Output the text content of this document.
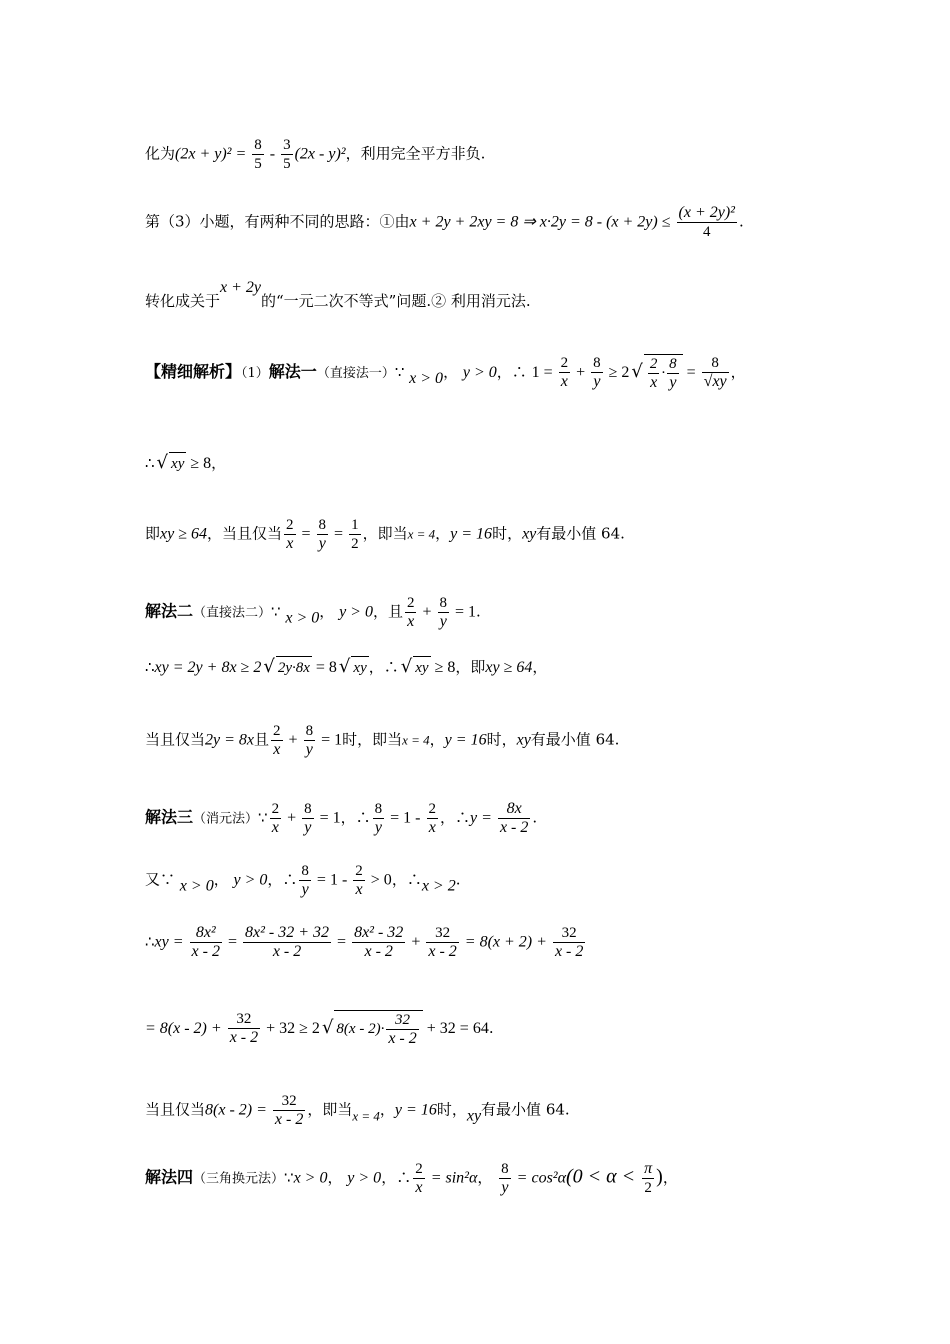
化为$(2x + y)^2 = \frac{8}{5} - \frac{3}{5} (2x - y)^2$，利用完全平方非负.
第（3）小题，有两种不同的思路：①由x + 2y + 2xy = 8 ⇒ $x\cdot 2y = 8 - (x + 2y) \le \frac{\text{(x + 2y)²}}{4}$ .
转化成关于x + 2y的“一元二次不等式”问题.② 利用消元法.
【精细解析】（1）解法一（直接法一）∵ x > 0， y > 0，∴ $1 = \frac{2}{x} + \frac{8}{y} \ge 2$ √ $\frac{2}{x} \cdot \frac{8}{y} = \frac{8}{√xy}$ ，
∴ √ xy ≥ 8，
即xy ≥ 64，当且仅当 $\frac{2}{x} = \frac{8}{y} = \frac{1}{2}$ ，即当x = 4，y = 16时，xy有最小值 64.
解法二（直接法二）∵ x > 0， y > 0，且 $\frac{2}{x} + \frac{8}{y} = 1$.
∴xy = 2y + 8x ≥ 2 √ 2y·8x = 8 √ xy ，∴ √ xy ≥ 8，即xy ≥ 64，
当且仅当2y = 8x且 $\frac{2}{x} + \frac{8}{y} = 1$时，即当x = 4，y = 16时，xy有最小值 64.
解法三（消元法）∵ $\frac{2}{x} + \frac{8}{y} = 1$，∴ $\frac{8}{y} = 1 - \frac{2}{x}$ ，∴y = $\frac{8x}{x - 2}$ .
又∵ x > 0， y > 0，∴ $\frac{8}{y} = 1 - \frac{2}{x} > 0$，∴x > 2.
∴xy = $\frac{\text{8x²}}{x - 2} = \frac{\text{8x² - 32 + 32}}{x - 2} = \frac{\text{8x² - 32}}{x - 2} + \frac{32}{x - 2} = 8(x + 2) + \frac{32}{x - 2}$
= $8(x - 2) + \frac{32}{x - 2} + 32 \ge 2$ √ $8(x - 2)\cdot \frac{32}{x - 2} + 32 = 64$.
当且仅当$8(x - 2) = \frac{32}{x - 2}$ ，即当x = 4，y = 16时，xy有最小值 64.
解法四（三角换元法）∵x > 0， y > 0，∴ $\frac{2}{x} = \sin^2\alpha$， $\frac{8}{y} = \cos^2\alpha(0 < \alpha < \frac{\pi}{2}$ )，
